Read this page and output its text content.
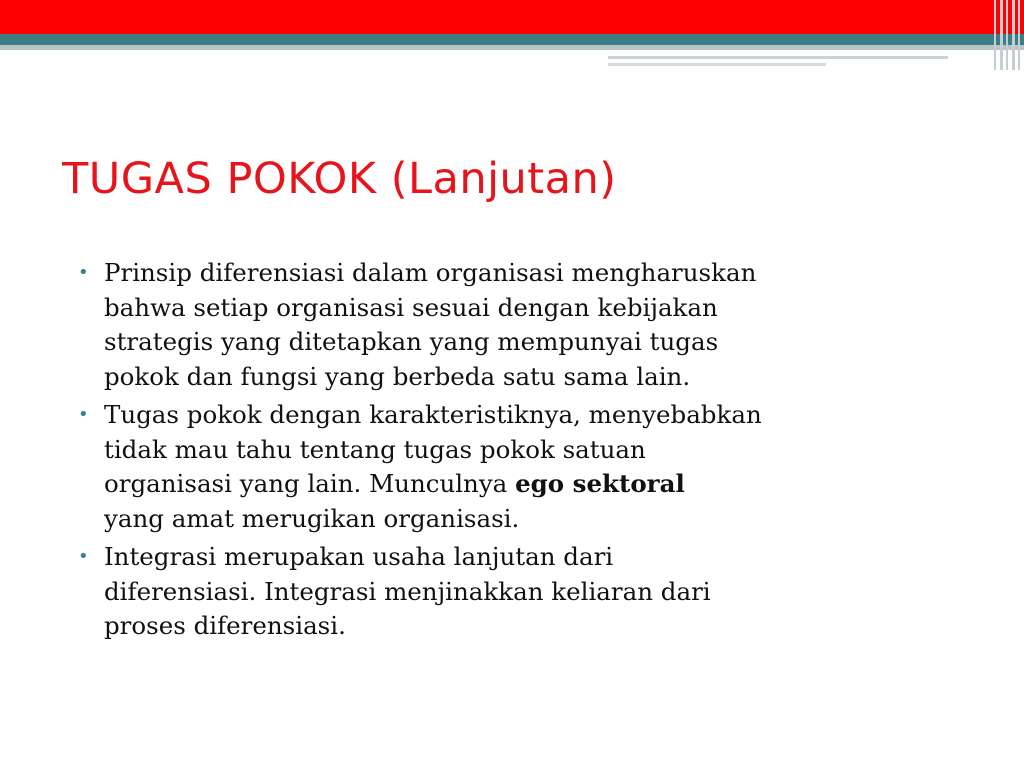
TUGAS POKOK (Lanjutan)
• Prinsip diferensiasi dalam organisasi mengharuskan
bahwa setiap organisasi sesuai dengan kebijakan
strategis yang ditetapkan yang mempunyai tugas
pokok dan fungsi yang berbeda satu sama lain.
• Tugas pokok dengan karakteristiknya, menyebabkan
tidak mau tahu tentang tugas pokok satuan
organisasi yang lain. Munculnya ego sektoral
yang amat merugikan organisasi.
• Integrasi merupakan usaha lanjutan dari
diferensiasi. Integrasi menjinakkan keliaran dari
proses diferensiasi.
